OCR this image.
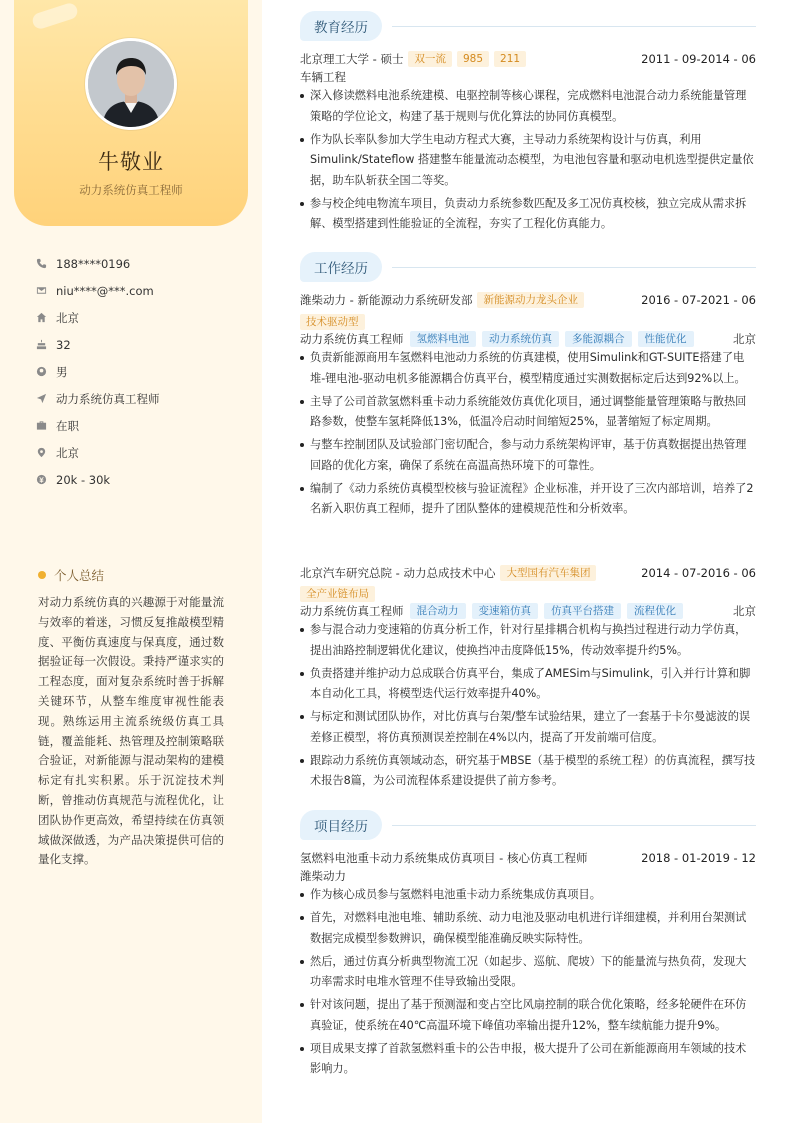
牛敬业
动力系统仿真工程师
188****0196
niu****@***.com
北京
32
男
动力系统仿真工程师
在职
北京
20k - 30k
个人总结
对动力系统仿真的兴趣源于对能量流与效率的着迷，习惯反复推敲模型精度、平衡仿真速度与保真度，通过数据验证每一次假设。秉持严谨求实的工程态度，面对复杂系统时善于拆解关键环节，从整车维度审视性能表现。熟练运用主流系统级仿真工具链，覆盖能耗、热管理及控制策略联合验证，对新能源与混动架构的建模标定有扎实积累。乐于沉淀技术判断，曾推动仿真规范与流程优化，让团队协作更高效，希望持续在仿真领域做深做透，为产品决策提供可信的量化支撑。
教育经历
北京理工大学 - 硕士	双一流	985	211	2011 - 09-2014 - 06
车辆工程
深入修读燃料电池系统建模、电驱控制等核心课程，完成燃料电池混合动力系统能量管理策略的学位论文，构建了基于规则与优化算法的协同仿真模型。
作为队长率队参加大学生电动方程式大赛，主导动力系统架构设计与仿真，利用Simulink/Stateflow 搭建整车能量流动态模型，为电池包容量和驱动电机选型提供定量依据，助车队斩获全国二等奖。
参与校企纯电物流车项目，负责动力系统参数匹配及多工况仿真校核，独立完成从需求拆解、模型搭建到性能验证的全流程，夯实了工程化仿真能力。
工作经历
潍柴动力 - 新能源动力系统研发部	新能源动力龙头企业	2016 - 07-2021 - 06
技术驱动型
动力系统仿真工程师	氢燃料电池	动力系统仿真	多能源耦合	性能优化	北京
负责新能源商用车氢燃料电池动力系统的仿真建模，使用Simulink和GT-SUITE搭建了电堆-锂电池-驱动电机多能源耦合仿真平台，模型精度通过实测数据标定后达到92%以上。
主导了公司首款氢燃料重卡动力系统能效仿真优化项目，通过调整能量管理策略与散热回路参数，使整车氢耗降低13%，低温冷启动时间缩短25%，显著缩短了标定周期。
与整车控制团队及试验部门密切配合，参与动力系统架构评审，基于仿真数据提出热管理回路的优化方案，确保了系统在高温高热环境下的可靠性。
编制了《动力系统仿真模型校核与验证流程》企业标准，并开设了三次内部培训，培养了2名新入职仿真工程师，提升了团队整体的建模规范性和分析效率。
北京汽车研究总院 - 动力总成技术中心	大型国有汽车集团	2014 - 07-2016 - 06
全产业链布局
动力系统仿真工程师	混合动力	变速箱仿真	仿真平台搭建	流程优化	北京
参与混合动力变速箱的仿真分析工作，针对行星排耦合机构与换挡过程进行动力学仿真，提出油路控制逻辑优化建议，使换挡冲击度降低15%，传动效率提升约5%。
负责搭建并维护动力总成联合仿真平台，集成了AMESim与Simulink，引入并行计算和脚本自动化工具，将模型迭代运行效率提升40%。
与标定和测试团队协作，对比仿真与台架/整车试验结果，建立了一套基于卡尔曼滤波的误差修正模型，将仿真预测误差控制在4%以内，提高了开发前端可信度。
跟踪动力系统仿真领域动态，研究基于MBSE（基于模型的系统工程）的仿真流程，撰写技术报告8篇，为公司流程体系建设提供了前方参考。
项目经历
氢燃料电池重卡动力系统集成仿真项目 - 核心仿真工程师	2018 - 01-2019 - 12
潍柴动力
作为核心成员参与氢燃料电池重卡动力系统集成仿真项目。
首先，对燃料电池电堆、辅助系统、动力电池及驱动电机进行详细建模，并利用台架测试数据完成模型参数辨识，确保模型能准确反映实际特性。
然后，通过仿真分析典型物流工况（如起步、巡航、爬坡）下的能量流与热负荷，发现大功率需求时电堆水管理不佳导致输出受限。
针对该问题，提出了基于预测湿和变占空比风扇控制的联合优化策略，经多轮硬件在环仿真验证，使系统在40℃高温环境下峰值功率输出提升12%，整车续航能力提升9%。
项目成果支撑了首款氢燃料重卡的公告申报，极大提升了公司在新能源商用车领域的技术影响力。
